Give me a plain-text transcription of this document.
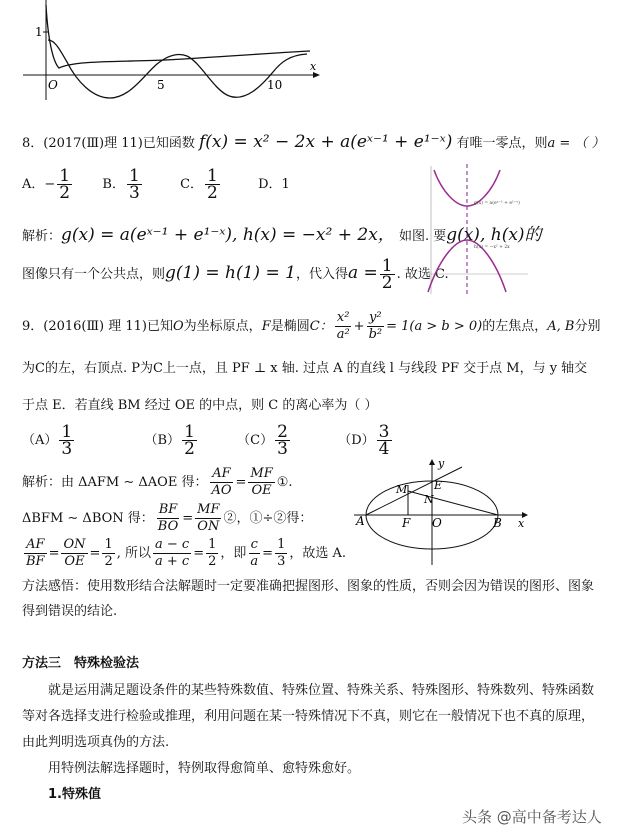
1
O	5	10
x
8．(2017(Ⅲ)理 11)已知函数 f(x) = x² − 2x + a(eˣ⁻¹ + e¹⁻ˣ) 有唯一零点，则a = （ ）
A．− $\frac{1}{2}$ B． $\frac{1}{3}$	C． $\frac{1}{2}$	D．1
解析：g(x) = a(eˣ⁻¹ + e¹⁻ˣ), h(x) = −x² + 2x， 如图. 要g(x), h(x)的
图像只有一个公共点，则g(1) = h(1) = 1，代入得$a = \frac{1}{2}$ . 故选 C.
g(x) = a(eˣ⁻¹ + e¹⁻ˣ)
h(x) = −x² + 2x
9．(2016(Ⅲ) 理 11)已知O为坐标原点，F是椭圆C： $\frac{\text{x²}}{\text{a²}} + \frac{\text{y²}}{\text{b²}} = 1(a > b > 0)$的左焦点，A, B分别
为C的左，右顶点. P为C上一点，且 PF ⊥ x 轴. 过点 A 的直线 l 与线段 PF 交于点 M，与 y 轴交
于点 E．若直线 BM 经过 OE 的中点，则 C 的离心率为（ ）
$(A) \frac{1}{3}$	$(B) \frac{1}{2}$	$(C) \frac{2}{3}$	$(D) \frac{3}{4}$
解析：由 ΔAFM ∼ ΔAOE 得： $\frac{AF}{AO} = \frac{MF}{OE}$ ①.
ΔBFM ∼ ΔBON 得： $\frac{BF}{BO} = \frac{MF}{ON}$ ②，①÷②得：
$\frac{AF}{BF} = \frac{ON}{OE} = \frac{1}{2}$ , 所以 $\frac{a - c}{a + c} = \frac{1}{2}$ ，即 $\frac{c}{a} = \frac{1}{3}$ ，故选 A.
A	F O	B
M E
N
x
y
方法感悟：使用数形结合法解题时一定要准确把握图形、图象的性质，否则会因为错误的图形、图象
得到错误的结论.
方法三　特殊检验法
就是运用满足题设条件的某些特殊数值、特殊位置、特殊关系、特殊图形、特殊数列、特殊函数
等对各选择支进行检验或推理，利用问题在某一特殊情况下不真，则它在一般情况下也不真的原理，
由此判明选项真伪的方法.
用特例法解选择题时，特例取得愈简单、愈特殊愈好。
1.特殊值
头条 @高中备考达人
